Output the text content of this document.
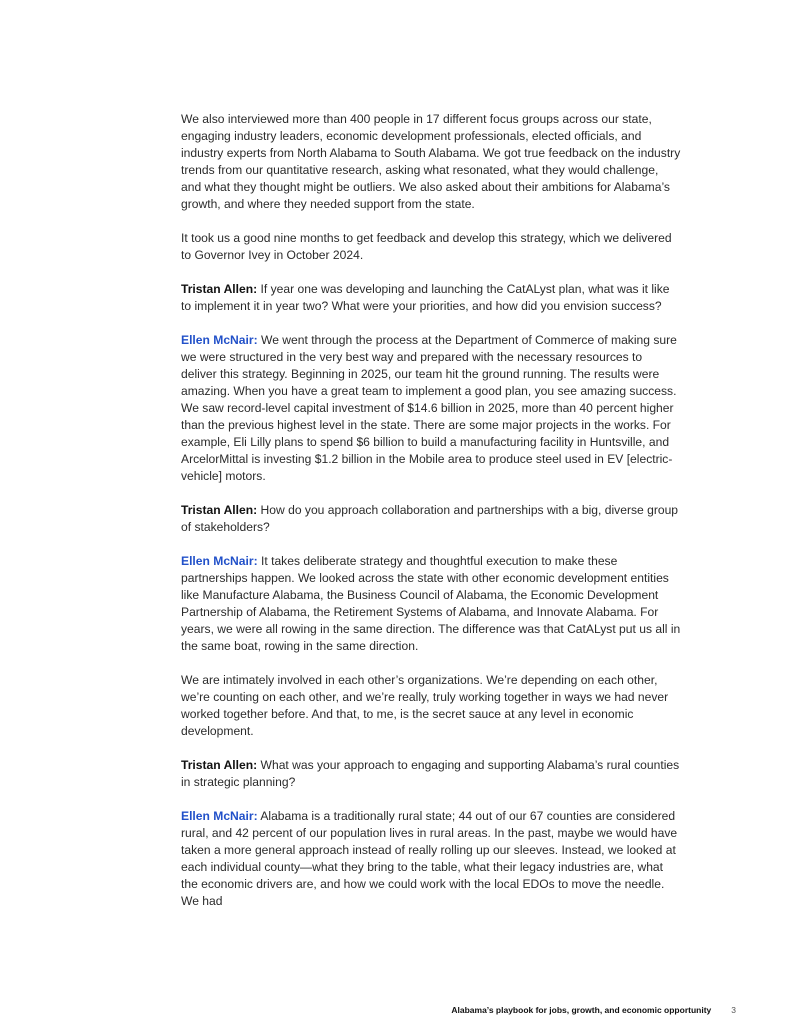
We also interviewed more than 400 people in 17 different focus groups across our state, engaging industry leaders, economic development professionals, elected officials, and industry experts from North Alabama to South Alabama. We got true feedback on the industry trends from our quantitative research, asking what resonated, what they would challenge, and what they thought might be outliers. We also asked about their ambitions for Alabama’s growth, and where they needed support from the state.

It took us a good nine months to get feedback and develop this strategy, which we delivered to Governor Ivey in October 2024.

Tristan Allen: If year one was developing and launching the CatALyst plan, what was it like to implement it in year two? What were your priorities, and how did you envision success?

Ellen McNair: We went through the process at the Department of Commerce of making sure we were structured in the very best way and prepared with the necessary resources to deliver this strategy. Beginning in 2025, our team hit the ground running. The results were amazing. When you have a great team to implement a good plan, you see amazing success. We saw record-level capital investment of $14.6 billion in 2025, more than 40 percent higher than the previous highest level in the state. There are some major projects in the works. For example, Eli Lilly plans to spend $6 billion to build a manufacturing facility in Huntsville, and ArcelorMittal is investing $1.2 billion in the Mobile area to produce steel used in EV [electric-vehicle] motors.

Tristan Allen: How do you approach collaboration and partnerships with a big, diverse group of stakeholders?

Ellen McNair: It takes deliberate strategy and thoughtful execution to make these partnerships happen. We looked across the state with other economic development entities like Manufacture Alabama, the Business Council of Alabama, the Economic Development Partnership of Alabama, the Retirement Systems of Alabama, and Innovate Alabama. For years, we were all rowing in the same direction. The difference was that CatALyst put us all in the same boat, rowing in the same direction.

We are intimately involved in each other’s organizations. We’re depending on each other, we’re counting on each other, and we’re really, truly working together in ways we had never worked together before. And that, to me, is the secret sauce at any level in economic development.

Tristan Allen: What was your approach to engaging and supporting Alabama’s rural counties in strategic planning?

Ellen McNair: Alabama is a traditionally rural state; 44 out of our 67 counties are considered rural, and 42 percent of our population lives in rural areas. In the past, maybe we would have taken a more general approach instead of really rolling up our sleeves. Instead, we looked at each individual county—what they bring to the table, what their legacy industries are, what the economic drivers are, and how we could work with the local EDOs to move the needle. We had

Alabama’s playbook for jobs, growth, and economic opportunity 3
